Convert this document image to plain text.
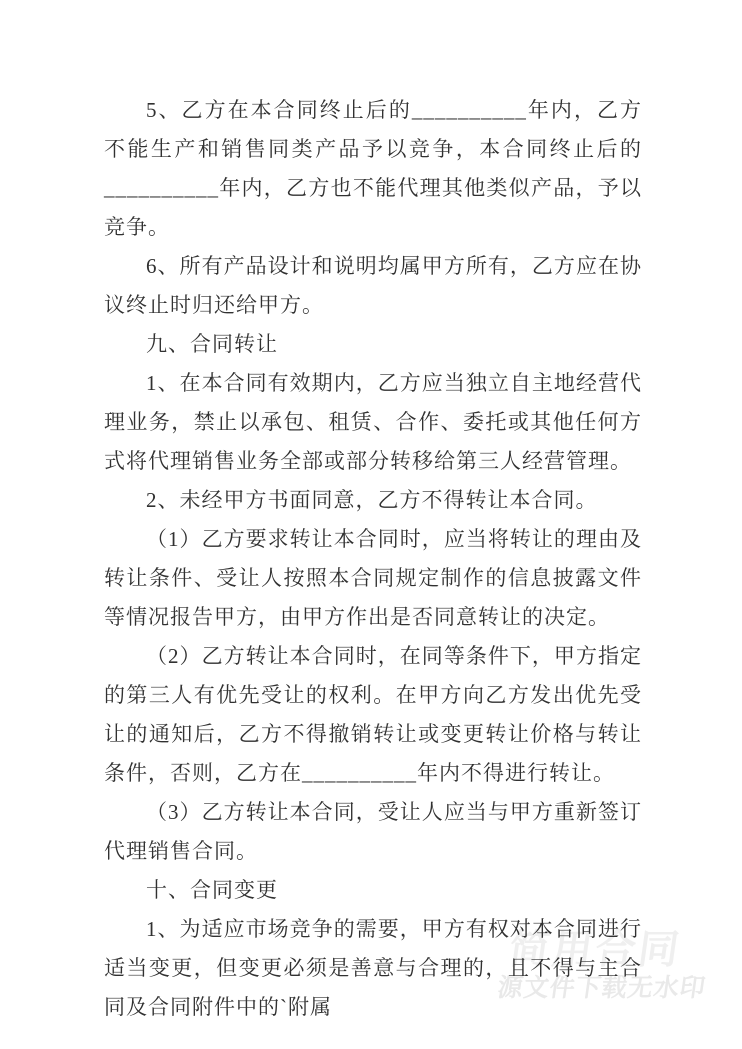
简用合同
源文件下载无水印

5、乙方在本合同终止后的__________年内，乙方不能生产和销售同类产品予以竞争，本合同终止后的__________年内，乙方也不能代理其他类似产品，予以竞争。

6、所有产品设计和说明均属甲方所有，乙方应在协议终止时归还给甲方。

九、合同转让

1、在本合同有效期内，乙方应当独立自主地经营代理业务，禁止以承包、租赁、合作、委托或其他任何方式将代理销售业务全部或部分转移给第三人经营管理。

2、未经甲方书面同意，乙方不得转让本合同。

（1）乙方要求转让本合同时，应当将转让的理由及转让条件、受让人按照本合同规定制作的信息披露文件等情况报告甲方，由甲方作出是否同意转让的决定。

（2）乙方转让本合同时，在同等条件下，甲方指定的第三人有优先受让的权利。在甲方向乙方发出优先受让的通知后，乙方不得撤销转让或变更转让价格与转让条件，否则，乙方在__________年内不得进行转让。

（3）乙方转让本合同，受让人应当与甲方重新签订代理销售合同。

十、合同变更

1、为适应市场竞争的需要，甲方有权对本合同进行适当变更，但变更必须是善意与合理的，且不得与主合同及合同附件中的`附属
